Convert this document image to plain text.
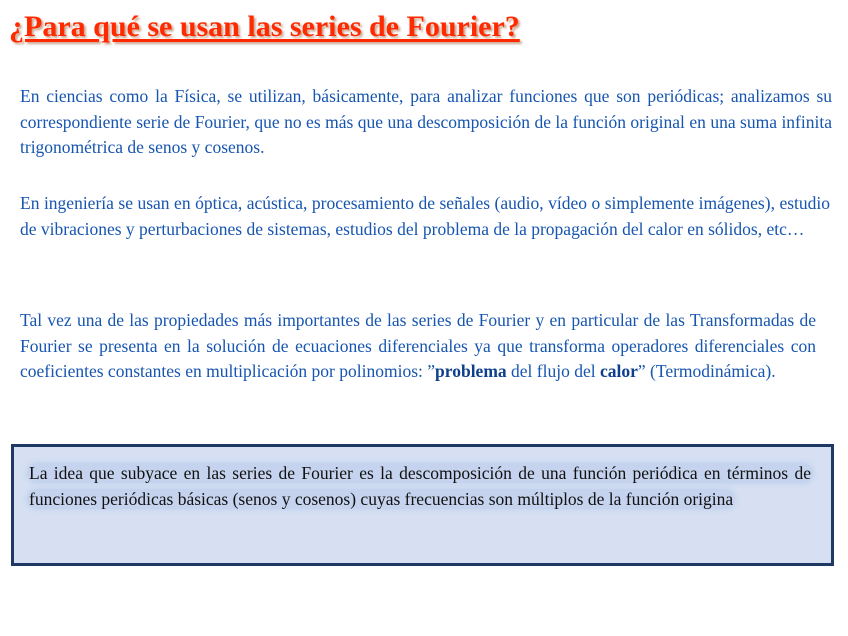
¿Para qué se usan las series de Fourier?

En ciencias como la Física, se utilizan, básicamente, para analizar funciones que son periódicas; analizamos su correspondiente serie de Fourier, que no es más que una descomposición de la función original en una suma infinita trigonométrica de senos y cosenos.

En ingeniería se usan en óptica, acústica, procesamiento de señales (audio, vídeo o simplemente imágenes), estudio de vibraciones y perturbaciones de sistemas, estudios del problema de la propagación del calor en sólidos, etc…

Tal vez una de las propiedades más importantes de las series de Fourier y en particular de las Transformadas de Fourier se presenta en la solución de ecuaciones diferenciales ya que transforma operadores diferenciales con coeficientes constantes en multiplicación por polinomios: ”problema del flujo del calor” (Termodinámica).

La idea que subyace en las series de Fourier es la descomposición de una función periódica en términos de funciones periódicas básicas (senos y cosenos) cuyas frecuencias son múltiplos de la función origina
